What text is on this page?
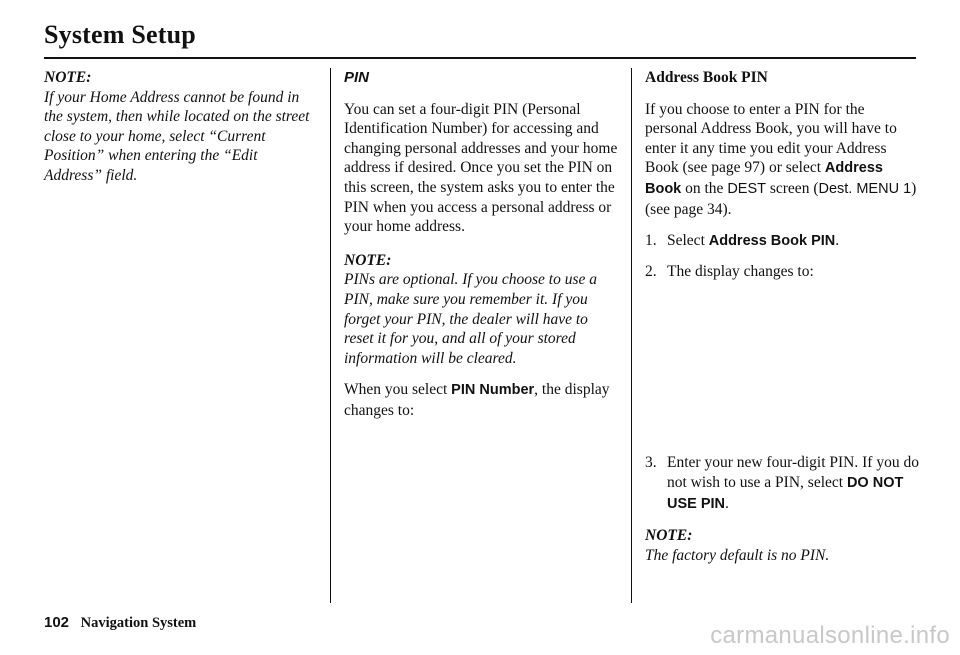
System Setup

NOTE:

If your Home Address cannot be found in the system, then while located on the street close to your home, select “Current Position” when entering the “Edit Address” field.

PIN

You can set a four-digit PIN (Personal Identification Number) for accessing and changing personal addresses and your home address if desired. Once you set the PIN on this screen, the system asks you to enter the PIN when you access a personal address or your home address.

NOTE:

PINs are optional. If you choose to use a PIN, make sure you remember it. If you forget your PIN, the dealer will have to reset it for you, and all of your stored information will be cleared.

When you select PIN Number, the display changes to:

Address Book PIN

If you choose to enter a PIN for the personal Address Book, you will have to enter it any time you edit your Address Book (see page 97) or select Address Book on the DEST screen (Dest. MENU 1) (see page 34).

1. Select Address Book PIN.
2. The display changes to:
3. Enter your new four-digit PIN. If you do not wish to use a PIN, select DO NOT USE PIN.

NOTE:

The factory default is no PIN.

102 Navigation System	carmanualsonline.info
